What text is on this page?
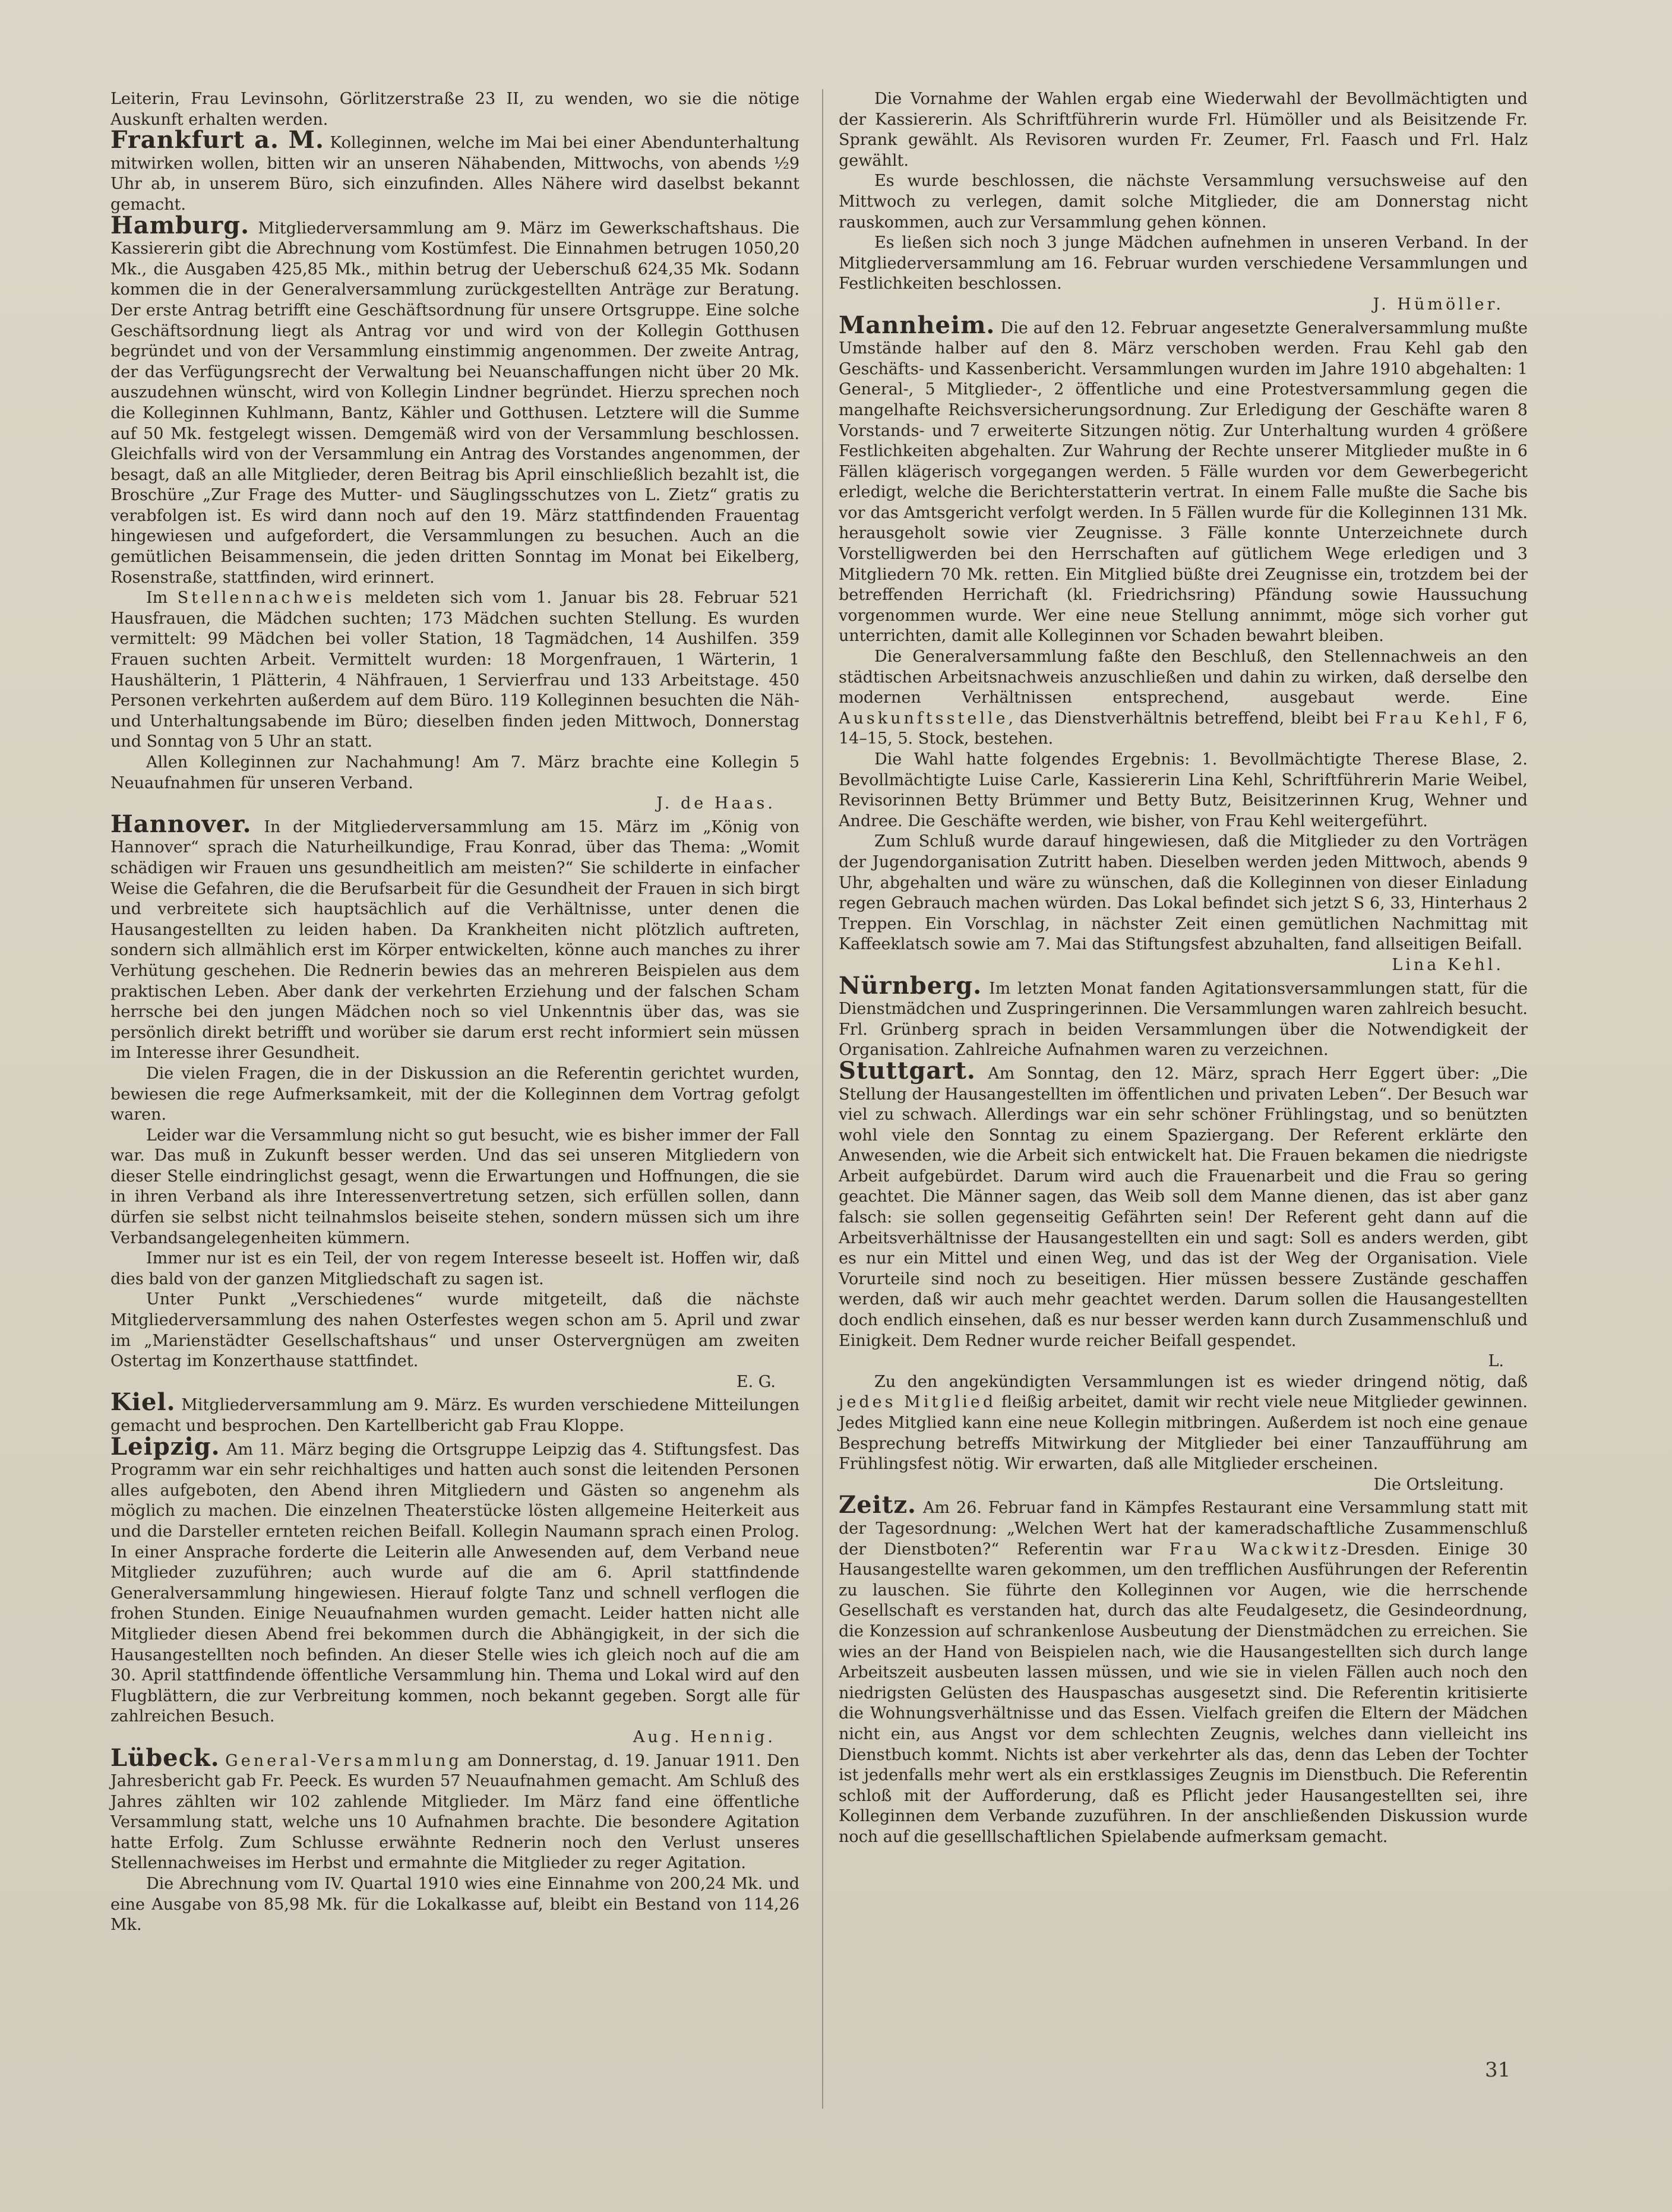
Leiterin, Frau Levinsohn, Görlitzerstraße 23 II, zu wenden, wo sie die nötige Auskunft erhalten werden.

Frankfurt a. M. Kolleginnen, welche im Mai bei einer Abendunterhaltung mitwirken wollen, bitten wir an unseren Nähabenden, Mittwochs, von abends ½9 Uhr ab, in unserem Büro, sich einzufinden. Alles Nähere wird daselbst bekannt gemacht.

Hamburg. Mitgliederversammlung am 9. März im Gewerkschaftshaus. Die Kassiererin gibt die Abrechnung vom Kostümfest. Die Einnahmen betrugen 1050,20 Mk., die Ausgaben 425,85 Mk., mithin betrug der Ueberschuß 624,35 Mk. Sodann kommen die in der Generalversammlung zurückgestellten Anträge zur Beratung. Der erste Antrag betrifft eine Geschäftsordnung für unsere Ortsgruppe. Eine solche Geschäftsordnung liegt als Antrag vor und wird von der Kollegin Gotthusen begründet und von der Versammlung einstimmig angenommen. Der zweite Antrag, der das Verfügungsrecht der Verwaltung bei Neuanschaffungen nicht über 20 Mk. auszudehnen wünscht, wird von Kollegin Lindner begründet. Hierzu sprechen noch die Kolleginnen Kuhlmann, Bantz, Kähler und Gotthusen. Letztere will die Summe auf 50 Mk. festgelegt wissen. Demgemäß wird von der Versammlung beschlossen. Gleichfalls wird von der Versammlung ein Antrag des Vorstandes angenommen, der besagt, daß an alle Mitglieder, deren Beitrag bis April einschließlich bezahlt ist, die Broschüre „Zur Frage des Mutter- und Säuglingsschutzes von L. Zietz“ gratis zu verabfolgen ist. Es wird dann noch auf den 19. März stattfindenden Frauentag hingewiesen und aufgefordert, die Versammlungen zu besuchen. Auch an die gemütlichen Beisammensein, die jeden dritten Sonntag im Monat bei Eikelberg, Rosenstraße, stattfinden, wird erinnert.

Im Stellennachweis meldeten sich vom 1. Januar bis 28. Februar 521 Hausfrauen, die Mädchen suchten; 173 Mädchen suchten Stellung. Es wurden vermittelt: 99 Mädchen bei voller Station, 18 Tagmädchen, 14 Aushilfen. 359 Frauen suchten Arbeit. Vermittelt wurden: 18 Morgenfrauen, 1 Wärterin, 1 Haushälterin, 1 Plätterin, 4 Nähfrauen, 1 Servierfrau und 133 Arbeitstage. 450 Personen verkehrten außerdem auf dem Büro. 119 Kolleginnen besuchten die Näh- und Unterhaltungsabende im Büro; dieselben finden jeden Mittwoch, Donnerstag und Sonntag von 5 Uhr an statt.

Allen Kolleginnen zur Nachahmung! Am 7. März brachte eine Kollegin 5 Neuaufnahmen für unseren Verband.

J. de Haas.

Hannover. In der Mitgliederversammlung am 15. März im „König von Hannover“ sprach die Naturheilkundige, Frau Konrad, über das Thema: „Womit schädigen wir Frauen uns gesundheitlich am meisten?“ Sie schilderte in einfacher Weise die Gefahren, die die Berufsarbeit für die Gesundheit der Frauen in sich birgt und verbreitete sich hauptsächlich auf die Verhältnisse, unter denen die Hausangestellten zu leiden haben. Da Krankheiten nicht plötzlich auftreten, sondern sich allmählich erst im Körper entwickelten, könne auch manches zu ihrer Verhütung geschehen. Die Rednerin bewies das an mehreren Beispielen aus dem praktischen Leben. Aber dank der verkehrten Erziehung und der falschen Scham herrsche bei den jungen Mädchen noch so viel Unkenntnis über das, was sie persönlich direkt betrifft und worüber sie darum erst recht informiert sein müssen im Interesse ihrer Gesundheit.

Die vielen Fragen, die in der Diskussion an die Referentin gerichtet wurden, bewiesen die rege Aufmerksamkeit, mit der die Kolleginnen dem Vortrag gefolgt waren.

Leider war die Versammlung nicht so gut besucht, wie es bisher immer der Fall war. Das muß in Zukunft besser werden. Und das sei unseren Mitgliedern von dieser Stelle eindringlichst gesagt, wenn die Erwartungen und Hoffnungen, die sie in ihren Verband als ihre Interessenvertretung setzen, sich erfüllen sollen, dann dürfen sie selbst nicht teilnahmslos beiseite stehen, sondern müssen sich um ihre Verbandsangelegenheiten kümmern.

Immer nur ist es ein Teil, der von regem Interesse beseelt ist. Hoffen wir, daß dies bald von der ganzen Mitgliedschaft zu sagen ist.

Unter Punkt „Verschiedenes“ wurde mitgeteilt, daß die nächste Mitgliederversammlung des nahen Osterfestes wegen schon am 5. April und zwar im „Marienstädter Gesellschaftshaus“ und unser Ostervergnügen am zweiten Ostertag im Konzerthause stattfindet.

E. G.

Kiel. Mitgliederversammlung am 9. März. Es wurden verschiedene Mitteilungen gemacht und besprochen. Den Kartellbericht gab Frau Kloppe.

Leipzig. Am 11. März beging die Ortsgruppe Leipzig das 4. Stiftungsfest. Das Programm war ein sehr reichhaltiges und hatten auch sonst die leitenden Personen alles aufgeboten, den Abend ihren Mitgliedern und Gästen so angenehm als möglich zu machen. Die einzelnen Theaterstücke lösten allgemeine Heiterkeit aus und die Darsteller ernteten reichen Beifall. Kollegin Naumann sprach einen Prolog. In einer Ansprache forderte die Leiterin alle Anwesenden auf, dem Verband neue Mitglieder zuzuführen; auch wurde auf die am 6. April stattfindende Generalversammlung hingewiesen. Hierauf folgte Tanz und schnell verflogen die frohen Stunden. Einige Neuaufnahmen wurden gemacht. Leider hatten nicht alle Mitglieder diesen Abend frei bekommen durch die Abhängigkeit, in der sich die Hausangestellten noch befinden. An dieser Stelle wies ich gleich noch auf die am 30. April stattfindende öffentliche Versammlung hin. Thema und Lokal wird auf den Flugblättern, die zur Verbreitung kommen, noch bekannt gegeben. Sorgt alle für zahlreichen Besuch.

Aug. Hennig.

Lübeck. General-Versammlung am Donnerstag, d. 19. Januar 1911. Den Jahresbericht gab Fr. Peeck. Es wurden 57 Neuaufnahmen gemacht. Am Schluß des Jahres zählten wir 102 zahlende Mitglieder. Im März fand eine öffentliche Versammlung statt, welche uns 10 Aufnahmen brachte. Die besondere Agitation hatte Erfolg. Zum Schlusse erwähnte Rednerin noch den Verlust unseres Stellennachweises im Herbst und ermahnte die Mitglieder zu reger Agitation.

Die Abrechnung vom IV. Quartal 1910 wies eine Einnahme von 200,24 Mk. und eine Ausgabe von 85,98 Mk. für die Lokalkasse auf, bleibt ein Bestand von 114,26 Mk.

Die Vornahme der Wahlen ergab eine Wiederwahl der Bevollmächtigten und der Kassiererin. Als Schriftführerin wurde Frl. Hümöller und als Beisitzende Fr. Sprank gewählt. Als Revisoren wurden Fr. Zeumer, Frl. Faasch und Frl. Halz gewählt.

Es wurde beschlossen, die nächste Versammlung versuchsweise auf den Mittwoch zu verlegen, damit solche Mitglieder, die am Donnerstag nicht rauskommen, auch zur Versammlung gehen können.

Es ließen sich noch 3 junge Mädchen aufnehmen in unseren Verband. In der Mitgliederversammlung am 16. Februar wurden verschiedene Versammlungen und Festlichkeiten beschlossen.

J. Hümöller.

Mannheim. Die auf den 12. Februar angesetzte Generalversammlung mußte Umstände halber auf den 8. März verschoben werden. Frau Kehl gab den Geschäfts- und Kassenbericht. Versammlungen wurden im Jahre 1910 abgehalten: 1 General-, 5 Mitglieder-, 2 öffentliche und eine Protestversammlung gegen die mangelhafte Reichsversicherungsordnung. Zur Erledigung der Geschäfte waren 8 Vorstands- und 7 erweiterte Sitzungen nötig. Zur Unterhaltung wurden 4 größere Festlichkeiten abgehalten. Zur Wahrung der Rechte unserer Mitglieder mußte in 6 Fällen klägerisch vorgegangen werden. 5 Fälle wurden vor dem Gewerbegericht erledigt, welche die Berichterstatterin vertrat. In einem Falle mußte die Sache bis vor das Amtsgericht verfolgt werden. In 5 Fällen wurde für die Kolleginnen 131 Mk. herausgeholt sowie vier Zeugnisse. 3 Fälle konnte Unterzeichnete durch Vorstelligwerden bei den Herrschaften auf gütlichem Wege erledigen und 3 Mitgliedern 70 Mk. retten. Ein Mitglied büßte drei Zeugnisse ein, trotzdem bei der betreffenden Herrichaft (kl. Friedrichsring) Pfändung sowie Haussuchung vorgenommen wurde. Wer eine neue Stellung annimmt, möge sich vorher gut unterrichten, damit alle Kolleginnen vor Schaden bewahrt bleiben.

Die Generalversammlung faßte den Beschluß, den Stellennachweis an den städtischen Arbeitsnachweis anzuschließen und dahin zu wirken, daß derselbe den modernen Verhältnissen entsprechend, ausgebaut werde. Eine Auskunftsstelle, das Dienstverhältnis betreffend, bleibt bei Frau Kehl, F 6, 14–15, 5. Stock, bestehen.

Die Wahl hatte folgendes Ergebnis: 1. Bevollmächtigte Therese Blase, 2. Bevollmächtigte Luise Carle, Kassiererin Lina Kehl, Schriftführerin Marie Weibel, Revisorinnen Betty Brümmer und Betty Butz, Beisitzerinnen Krug, Wehner und Andree. Die Geschäfte werden, wie bisher, von Frau Kehl weitergeführt.

Zum Schluß wurde darauf hingewiesen, daß die Mitglieder zu den Vorträgen der Jugendorganisation Zutritt haben. Dieselben werden jeden Mittwoch, abends 9 Uhr, abgehalten und wäre zu wünschen, daß die Kolleginnen von dieser Einladung regen Gebrauch machen würden. Das Lokal befindet sich jetzt S 6, 33, Hinterhaus 2 Treppen. Ein Vorschlag, in nächster Zeit einen gemütlichen Nachmittag mit Kaffeeklatsch sowie am 7. Mai das Stiftungsfest abzuhalten, fand allseitigen Beifall.

Lina Kehl.

Nürnberg. Im letzten Monat fanden Agitationsversammlungen statt, für die Dienstmädchen und Zuspringerinnen. Die Versammlungen waren zahlreich besucht. Frl. Grünberg sprach in beiden Versammlungen über die Notwendigkeit der Organisation. Zahlreiche Aufnahmen waren zu verzeichnen.

Stuttgart. Am Sonntag, den 12. März, sprach Herr Eggert über: „Die Stellung der Hausangestellten im öffentlichen und privaten Leben“. Der Besuch war viel zu schwach. Allerdings war ein sehr schöner Frühlingstag, und so benützten wohl viele den Sonntag zu einem Spaziergang. Der Referent erklärte den Anwesenden, wie die Arbeit sich entwickelt hat. Die Frauen bekamen die niedrigste Arbeit aufgebürdet. Darum wird auch die Frauenarbeit und die Frau so gering geachtet. Die Männer sagen, das Weib soll dem Manne dienen, das ist aber ganz falsch: sie sollen gegenseitig Gefährten sein! Der Referent geht dann auf die Arbeitsverhältnisse der Hausangestellten ein und sagt: Soll es anders werden, gibt es nur ein Mittel und einen Weg, und das ist der Weg der Organisation. Viele Vorurteile sind noch zu beseitigen. Hier müssen bessere Zustände geschaffen werden, daß wir auch mehr geachtet werden. Darum sollen die Hausangestellten doch endlich einsehen, daß es nur besser werden kann durch Zusammenschluß und Einigkeit. Dem Redner wurde reicher Beifall gespendet.

L.

Zu den angekündigten Versammlungen ist es wieder dringend nötig, daß jedes Mitglied fleißig arbeitet, damit wir recht viele neue Mitglieder gewinnen. Jedes Mitglied kann eine neue Kollegin mitbringen. Außerdem ist noch eine genaue Besprechung betreffs Mitwirkung der Mitglieder bei einer Tanzaufführung am Frühlingsfest nötig. Wir erwarten, daß alle Mitglieder erscheinen.

Die Ortsleitung.

Zeitz. Am 26. Februar fand in Kämpfes Restaurant eine Versammlung statt mit der Tagesordnung: „Welchen Wert hat der kameradschaftliche Zusammenschluß der Dienstboten?“ Referentin war Frau Wackwitz-Dresden. Einige 30 Hausangestellte waren gekommen, um den trefflichen Ausführungen der Referentin zu lauschen. Sie führte den Kolleginnen vor Augen, wie die herrschende Gesellschaft es verstanden hat, durch das alte Feudalgesetz, die Gesindeordnung, die Konzession auf schrankenlose Ausbeutung der Dienstmädchen zu erreichen. Sie wies an der Hand von Beispielen nach, wie die Hausangestellten sich durch lange Arbeitszeit ausbeuten lassen müssen, und wie sie in vielen Fällen auch noch den niedrigsten Gelüsten des Hauspaschas ausgesetzt sind. Die Referentin kritisierte die Wohnungsverhältnisse und das Essen. Vielfach greifen die Eltern der Mädchen nicht ein, aus Angst vor dem schlechten Zeugnis, welches dann vielleicht ins Dienstbuch kommt. Nichts ist aber verkehrter als das, denn das Leben der Tochter ist jedenfalls mehr wert als ein erstklassiges Zeugnis im Dienstbuch. Die Referentin schloß mit der Aufforderung, daß es Pflicht jeder Hausangestellten sei, ihre Kolleginnen dem Verbande zuzuführen. In der anschließenden Diskussion wurde noch auf die geselllschaftlichen Spielabende aufmerksam gemacht.

31
